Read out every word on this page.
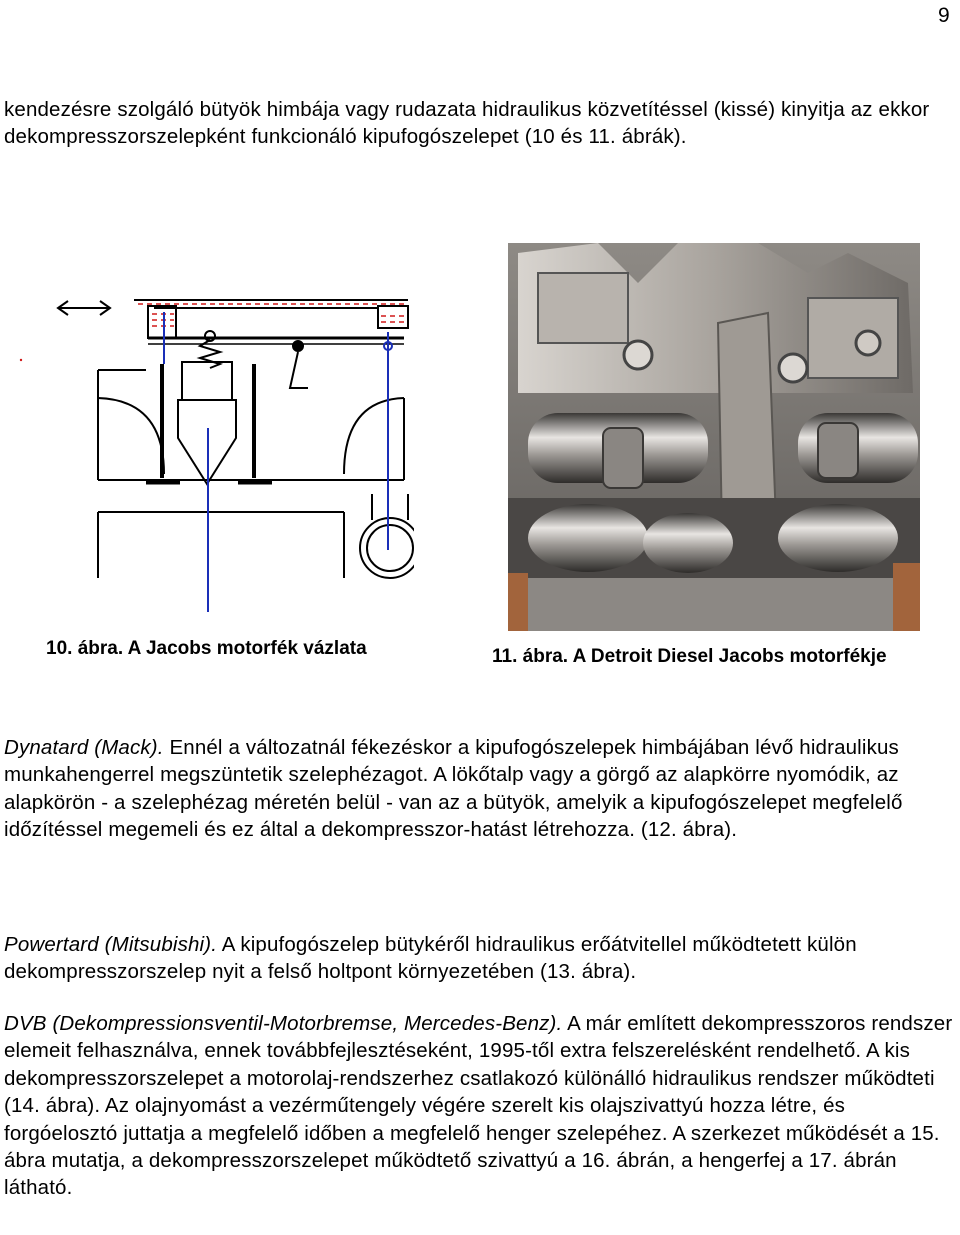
9

kendezésre szolgáló bütyök himbája vagy rudazata hidraulikus közvetítéssel (kissé) kinyitja az ekkor dekompresszorszelepként funkcionáló kipufogószelepet (10 és 11. ábrák).

10. ábra. A Jacobs motorfék vázlata	11. ábra. A Detroit Diesel Jacobs motorfékje

Dynatard (Mack). Ennél a változatnál fékezéskor a kipufogószelepek himbájában lévő hidraulikus munkahengerrel megszüntetik szelephézagot. A lökőtalp vagy a görgő az alapkörre nyomódik, az alapkörön - a szelephézag méretén belül - van az a bütyök, amelyik a kipufogószelepet megfelelő időzítéssel megemeli és ez által a dekompresszor-hatást létrehozza. (12. ábra).

Powertard (Mitsubishi). A kipufogószelep bütykéről hidraulikus erőátvitellel működtetett külön dekompresszorszelep nyit a felső holtpont környezetében (13. ábra).

DVB (Dekompressionsventil-Motorbremse, Mercedes-Benz). A már említett dekompresszoros rendszer elemeit felhasználva, ennek továbbfejlesztéseként, 1995-től extra felszerelésként rendelhető. A kis dekompresszorszelepet a motorolaj-rendszerhez csatlakozó különálló hidraulikus rendszer működteti (14. ábra). Az olajnyomást a vezérműtengely végére szerelt kis olajszivattyú hozza létre, és forgóelosztó juttatja a megfelelő időben a megfelelő henger szelepéhez. A szerkezet működését a 15. ábra mutatja, a dekompresszorszelepet működtető szivattyú a 16. ábrán, a hengerfej a 17. ábrán látható.
